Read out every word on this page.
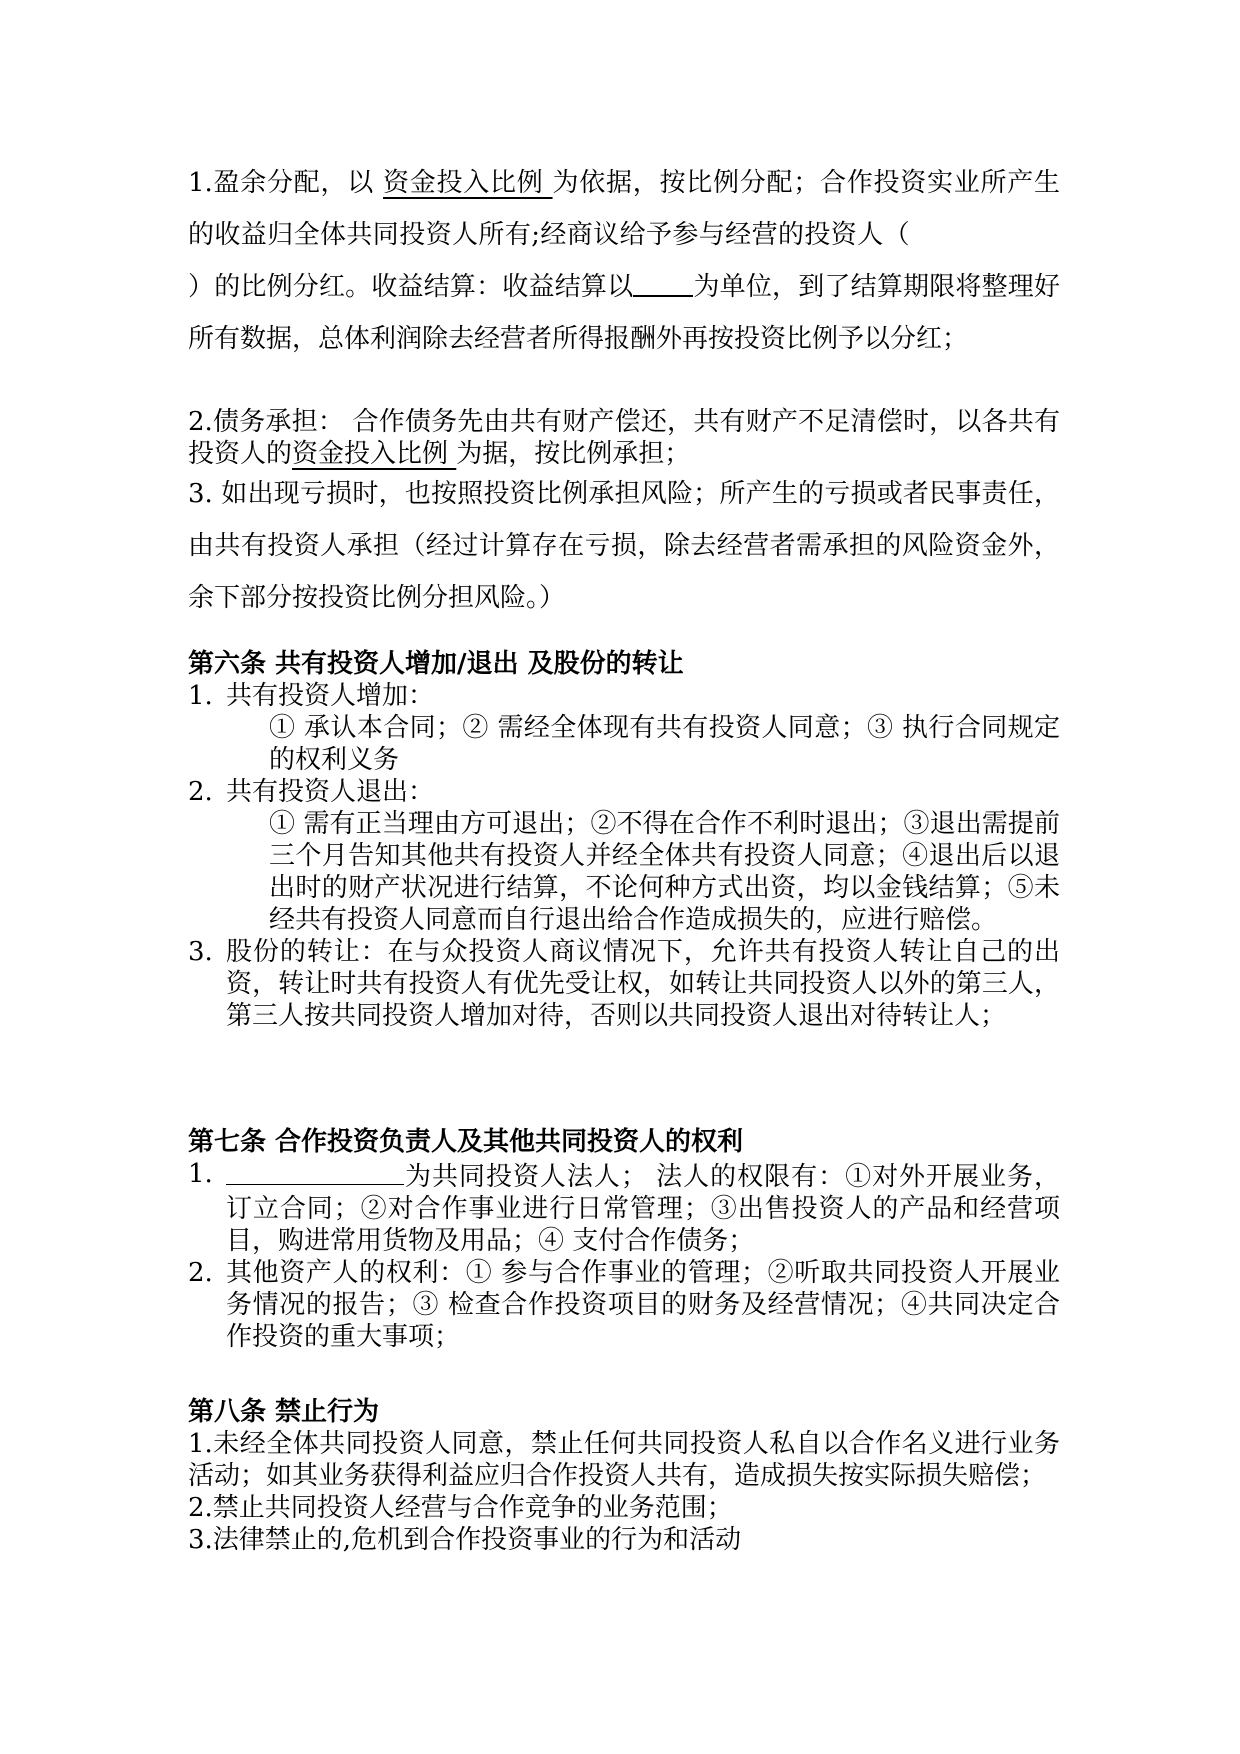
1.盈余分配，以 资金投入比例 为依据，按比例分配；合作投资实业所产生的收益归全体共同投资人所有;经商议给予参与经营的投资人（）的比例分红。收益结算：收益结算以 为单位，到了结算期限将整理好所有数据，总体利润除去经营者所得报酬外再按投资比例予以分红；

2.债务承担： 合作债务先由共有财产偿还，共有财产不足清偿时，以各共有投资人的资金投入比例 为据，按比例承担；

3. 如出现亏损时，也按照投资比例承担风险；所产生的亏损或者民事责任，由共有投资人承担（经过计算存在亏损，除去经营者需承担的风险资金外，余下部分按投资比例分担风险。）

第六条 共有投资人增加/退出 及股份的转让
1. 共有投资人增加：
① 承认本合同；② 需经全体现有共有投资人同意；③ 执行合同规定的权利义务
2. 共有投资人退出：
① 需有正当理由方可退出；②不得在合作不利时退出；③退出需提前三个月告知其他共有投资人并经全体共有投资人同意；④退出后以退出时的财产状况进行结算，不论何种方式出资，均以金钱结算；⑤未经共有投资人同意而自行退出给合作造成损失的，应进行赔偿。
3. 股份的转让：在与众投资人商议情况下，允许共有投资人转让自己的出资，转让时共有投资人有优先受让权，如转让共同投资人以外的第三人，第三人按共同投资人增加对待，否则以共同投资人退出对待转让人；
第七条 合作投资负责人及其他共同投资人的权利
1.	为共同投资人法人； 法人的权限有：①对外开展业务，订立合同；②对合作事业进行日常管理；③出售投资人的产品和经营项目，购进常用货物及用品；④ 支付合作债务；
2. 其他资产人的权利：① 参与合作事业的管理；②听取共同投资人开展业务情况的报告；③ 检查合作投资项目的财务及经营情况；④共同决定合作投资的重大事项；
第八条 禁止行为

1.未经全体共同投资人同意，禁止任何共同投资人私自以合作名义进行业务活动；如其业务获得利益应归合作投资人共有，造成损失按实际损失赔偿；

2.禁止共同投资人经营与合作竞争的业务范围；

3.法律禁止的,危机到合作投资事业的行为和活动
